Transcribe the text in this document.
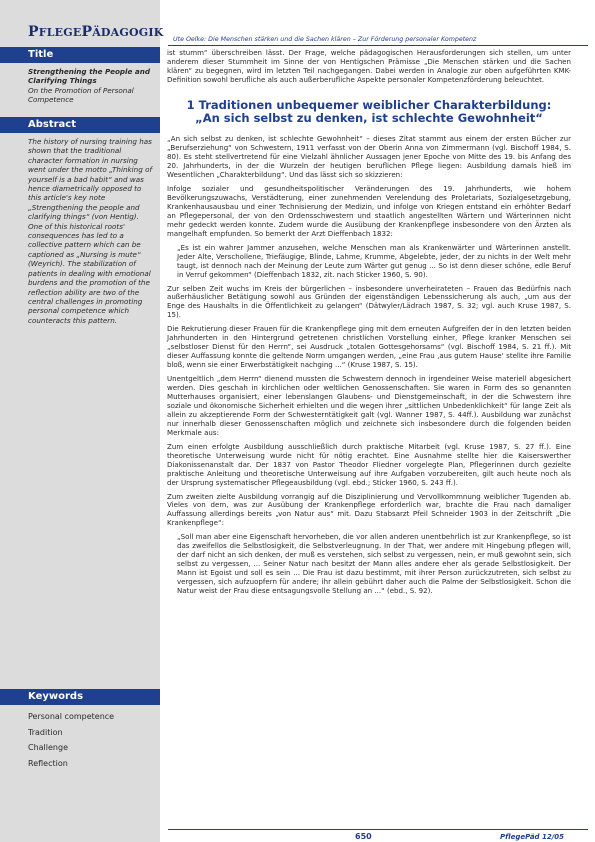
PFLEGEPÄDAGOGIK
Title
Strengthening the People and Clarifying Things
On the Promotion of Personal Competence
Abstract
The history of nursing training has shown that the traditional character formation in nursing went under the motto „Thinking of yourself is a bad habit“ and was hence diametrically opposed to this article's key note „Strengthening the people and clarifying things“ (von Hentig). One of this historical roots' consequences has led to a collective pattern which can be captioned as „Nursing is mute“ (Weyrich). The stabilization of patients in dealing with emotional burdens and the promotion of the reflection ability are two of the central challenges in promoting personal competence which counteracts this pattern.
Keywords
Personal competence
Tradition
Challenge
Reflection
Ute Oelke: Die Menschen stärken und die Sachen klären – Zur Förderung personaler Kompetenz

ist stumm“ überschreiben lässt. Der Frage, welche pädagogischen Herausforderungen sich stellen, um unter anderem dieser Stummheit im Sinne der von Hentigschen Prämisse „Die Menschen stärken und die Sachen klären“ zu begegnen, wird im letzten Teil nachgegangen. Dabei werden in Analogie zur oben aufgeführten KMK-Definition sowohl berufliche als auch außerberufliche Aspekte personaler Kompetenzförderung beleuchtet.

1 Traditionen unbequemer weiblicher Charakterbildung: „An sich selbst zu denken, ist schlechte Gewohnheit“

„An sich selbst zu denken, ist schlechte Gewohnheit“ – dieses Zitat stammt aus einem der ersten Bücher zur „Berufserziehung“ von Schwestern, 1911 verfasst von der Oberin Anna von Zimmermann (vgl. Bischoff 1984, S. 80). Es steht stellvertretend für eine Vielzahl ähnlicher Aussagen jener Epoche von Mitte des 19. bis Anfang des 20. Jahrhunderts, in der die Wurzeln der heutigen beruflichen Pflege liegen: Ausbildung damals hieß im Wesentlichen „Charakterbildung“. Und das lässt sich so skizzieren:

Infolge sozialer und gesundheitspolitischer Veränderungen des 19. Jahrhunderts, wie hohem Bevölkerungszuwachs, Verstädterung, einer zunehmenden Verelendung des Proletariats, Sozialgesetzgebung, Krankenhausausbau und einer Technisierung der Medizin, und infolge von Kriegen entstand ein erhöhter Bedarf an Pflegepersonal, der von den Ordensschwestern und staatlich angestellten Wärtern und Wärterinnen nicht mehr gedeckt werden konnte. Zudem wurde die Ausübung der Krankenpflege insbesondere von den Ärzten als mangelhaft empfunden. So bemerkt der Arzt Dieffenbach 1832:

„Es ist ein wahrer Jammer anzusehen, welche Menschen man als Krankenwärter und Wärterinnen anstellt. Jeder Alte, Verschollene, Triefäugige, Blinde, Lahme, Krumme, Abgelebte, jeder, der zu nichts in der Welt mehr taugt, ist dennoch nach der Meinung der Leute zum Wärter gut genug ... So ist denn dieser schöne, edle Beruf in Verruf gekommen“ (Dieffenbach 1832, zit. nach Sticker 1960, S. 90).

Zur selben Zeit wuchs im Kreis der bürgerlichen – insbesondere unverheirateten – Frauen das Bedürfnis nach außerhäuslicher Betätigung sowohl aus Gründen der eigenständigen Lebenssicherung als auch, „um aus der Enge des Haushalts in die Öffentlichkeit zu gelangen“ (Dätwyler/Lädrach 1987, S. 32; vgl. auch Kruse 1987, S. 15).

Die Rekrutierung dieser Frauen für die Krankenpflege ging mit dem erneuten Aufgreifen der in den letzten beiden Jahrhunderten in den Hintergrund getretenen christlichen Vorstellung einher, Pflege kranker Menschen sei „selbstloser Dienst für den Herrn“, sei Ausdruck „totalen Gottesgehorsams“ (vgl. Bischoff 1984, S. 21 ff.). Mit dieser Auffassung konnte die geltende Norm umgangen werden, „eine Frau ‚aus gutem Hause‘ stellte ihre Familie bloß, wenn sie einer Erwerbstätigkeit nachging ...“ (Kruse 1987, S. 15).

Unentgeltlich „dem Herrn“ dienend mussten die Schwestern dennoch in irgendeiner Weise materiell abgesichert werden. Dies geschah in kirchlichen oder weltlichen Genossenschaften. Sie waren in Form des so genannten Mutterhauses organisiert, einer lebenslangen Glaubens- und Dienstgemeinschaft, in der die Schwestern ihre soziale und ökonomische Sicherheit erhielten und die wegen ihrer „sittlichen Unbedenklichkeit“ für lange Zeit als allein zu akzeptierende Form der Schwesterntätigkeit galt (vgl. Wanner 1987, S. 44ff.). Ausbildung war zunächst nur innerhalb dieser Genossenschaften möglich und zeichnete sich insbesondere durch die folgenden beiden Merkmale aus:

Zum einen erfolgte Ausbildung ausschließlich durch praktische Mitarbeit (vgl. Kruse 1987, S. 27 ff.). Eine theoretische Unterweisung wurde nicht für nötig erachtet. Eine Ausnahme stellte hier die Kaiserswerther Diakonissenanstalt dar. Der 1837 von Pastor Theodor Fliedner vorgelegte Plan, Pflegerinnen durch gezielte praktische Anleitung und theoretische Unterweisung auf ihre Aufgaben vorzubereiten, gilt auch heute noch als der Ursprung systematischer Pflegeausbildung (vgl. ebd.; Sticker 1960, S. 243 ff.).

Zum zweiten zielte Ausbildung vorrangig auf die Disziplinierung und Vervollkommnung weiblicher Tugenden ab. Vieles von dem, was zur Ausübung der Krankenpflege erforderlich war, brachte die Frau nach damaliger Auffassung allerdings bereits „von Natur aus“ mit. Dazu Stabsarzt Pfeil Schneider 1903 in der Zeitschrift „Die Krankenpflege“:

„Soll man aber eine Eigenschaft hervorheben, die vor allen anderen unentbehrlich ist zur Krankenpflege, so ist das zweifellos die Selbstlosigkeit, die Selbstverleugnung. In der That, wer andere mit Hingebung pflegen will, der darf nicht an sich denken, der muß es verstehen, sich selbst zu vergessen, nein, er muß gewohnt sein, sich selbst zu vergessen, ... Seiner Natur nach besitzt der Mann alles andere eher als gerade Selbstlosigkeit. Der Mann ist Egoist und soll es sein ... Die Frau ist dazu bestimmt, mit ihrer Person zurückzutreten, sich selbst zu vergessen, sich aufzuopfern für andere; ihr allein gebührt daher auch die Palme der Selbstlosigkeit. Schon die Natur weist der Frau diese entsagungsvolle Stellung an ...“ (ebd., S. 92).

650	PflegePäd 12/05
